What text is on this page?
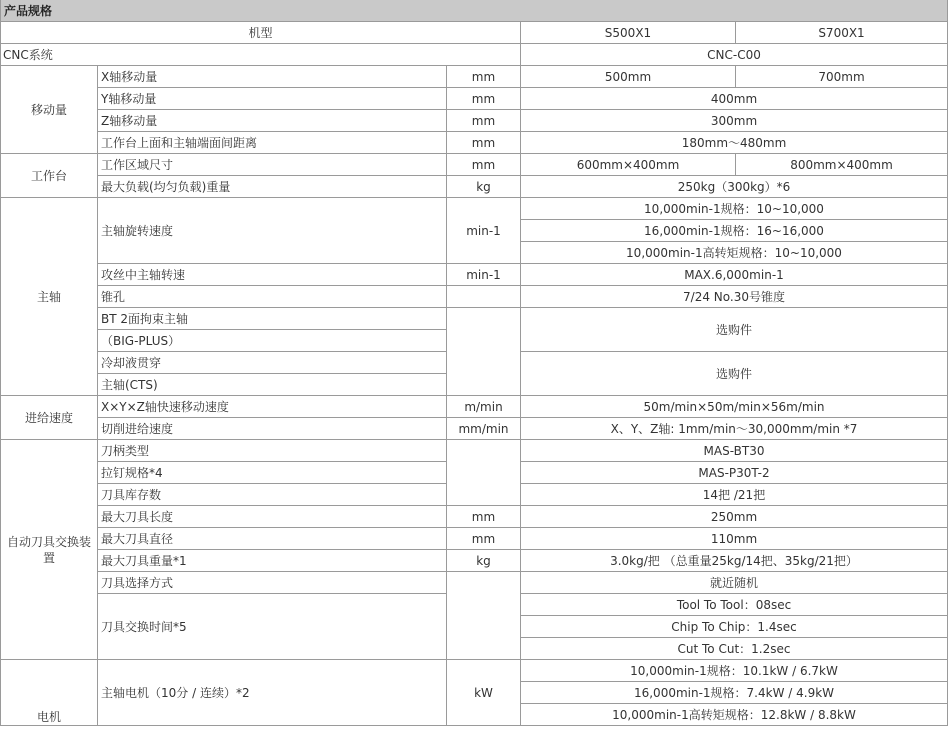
产品规格				
机型			S500X1	S700X1
CNC系统			CNC-C00	
移动量	X轴移动量	mm	500mm	700mm
	Y轴移动量	mm	400mm	
	Z轴移动量	mm	300mm	
	工作台上面和主轴端面间距离	mm	180mm～480mm	
工作台	工作区域尺寸	mm	600mm×400mm	800mm×400mm
	最大负载(均匀负载)重量	kg	250kg（300kg）*6	
主轴	主轴旋转速度	min-1	10,000min-1规格：10~10,000	
			16,000min-1规格：16~16,000	
			10,000min-1高转矩规格：10~10,000	
	攻丝中主轴转速	min-1	MAX.6,000min-1	
	锥孔		7/24 No.30号锥度	
	BT 2面拘束主轴		选购件	
	（BIG-PLUS）			
	冷却液贯穿		选购件	
	主轴(CTS)			
进给速度	X×Y×Z轴快速移动速度	m/min	50m/min×50m/min×56m/min	
	切削进给速度	mm/min	X、Y、Z轴: 1mm/min～30,000mm/min *7	
自动刀具交换装置	刀柄类型		MAS-BT30	
	拉钉规格*4		MAS-P30T-2	
	刀具库存数		14把 /21把	
	最大刀具长度	mm	250mm	
	最大刀具直径	mm	110mm	
	最大刀具重量*1	kg	3.0kg/把 （总重量25kg/14把、35kg/21把）	
	刀具选择方式		就近随机	
	刀具交换时间*5		Tool To Tool：08sec	
			Chip To Chip：1.4sec	
			Cut To Cut：1.2sec	
电机	主轴电机（10分 / 连续）*2	kW	10,000min-1规格：10.1kW / 6.7kW	
			16,000min-1规格：7.4kW / 4.9kW	
			10,000min-1高转矩规格：12.8kW / 8.8kW	
